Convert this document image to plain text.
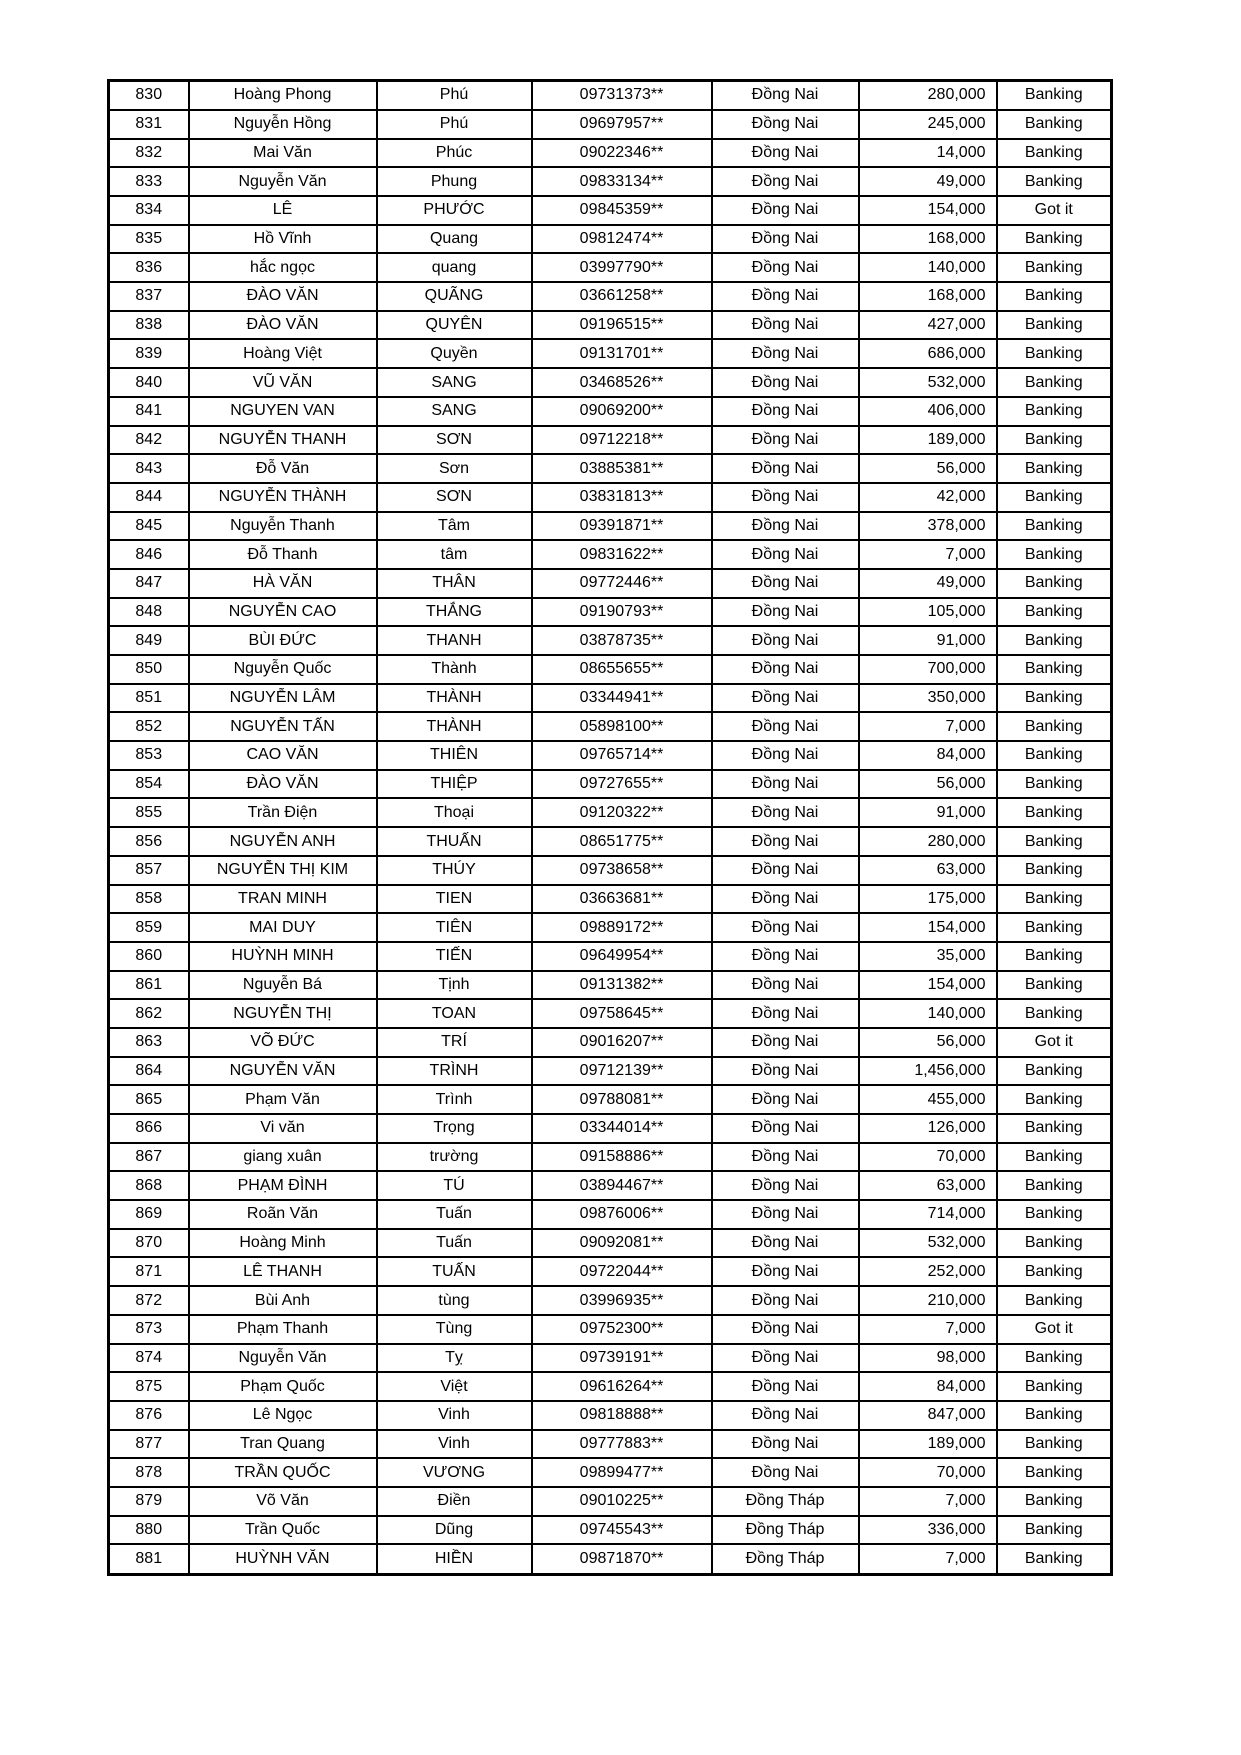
830	Hoàng Phong	Phú	09731373**	Đồng Nai	280,000	Banking
831	Nguyễn Hồng	Phú	09697957**	Đồng Nai	245,000	Banking
832	Mai Văn	Phúc	09022346**	Đồng Nai	14,000	Banking
833	Nguyễn Văn	Phung	09833134**	Đồng Nai	49,000	Banking
834	LÊ	PHƯỚC	09845359**	Đồng Nai	154,000	Got it
835	Hồ Vĩnh	Quang	09812474**	Đồng Nai	168,000	Banking
836	hắc ngọc	quang	03997790**	Đồng Nai	140,000	Banking
837	ĐÀO VĂN	QUÃNG	03661258**	Đồng Nai	168,000	Banking
838	ĐÀO VĂN	QUYÊN	09196515**	Đồng Nai	427,000	Banking
839	Hoàng Việt	Quyền	09131701**	Đồng Nai	686,000	Banking
840	VŨ VĂN	SANG	03468526**	Đồng Nai	532,000	Banking
841	NGUYEN VAN	SANG	09069200**	Đồng Nai	406,000	Banking
842	NGUYỄN THANH	SƠN	09712218**	Đồng Nai	189,000	Banking
843	Đỗ Văn	Sơn	03885381**	Đồng Nai	56,000	Banking
844	NGUYỄN THÀNH	SƠN	03831813**	Đồng Nai	42,000	Banking
845	Nguyễn Thanh	Tâm	09391871**	Đồng Nai	378,000	Banking
846	Đỗ Thanh	tâm	09831622**	Đồng Nai	7,000	Banking
847	HÀ VĂN	THÂN	09772446**	Đồng Nai	49,000	Banking
848	NGUYỄN CAO	THẮNG	09190793**	Đồng Nai	105,000	Banking
849	BÙI ĐỨC	THANH	03878735**	Đồng Nai	91,000	Banking
850	Nguyễn Quốc	Thành	08655655**	Đồng Nai	700,000	Banking
851	NGUYỄN LÂM	THÀNH	03344941**	Đồng Nai	350,000	Banking
852	NGUYỄN TẤN	THÀNH	05898100**	Đồng Nai	7,000	Banking
853	CAO VĂN	THIÊN	09765714**	Đồng Nai	84,000	Banking
854	ĐÀO VĂN	THIỆP	09727655**	Đồng Nai	56,000	Banking
855	Trần Điện	Thoại	09120322**	Đồng Nai	91,000	Banking
856	NGUYỄN ANH	THUẤN	08651775**	Đồng Nai	280,000	Banking
857	NGUYỄN THỊ KIM	THÚY	09738658**	Đồng Nai	63,000	Banking
858	TRAN MINH	TIEN	03663681**	Đồng Nai	175,000	Banking
859	MAI DUY	TIÊN	09889172**	Đồng Nai	154,000	Banking
860	HUỲNH MINH	TIẾN	09649954**	Đồng Nai	35,000	Banking
861	Nguyễn Bá	Tịnh	09131382**	Đồng Nai	154,000	Banking
862	NGUYỄN THỊ	TOAN	09758645**	Đồng Nai	140,000	Banking
863	VÕ ĐỨC	TRÍ	09016207**	Đồng Nai	56,000	Got it
864	NGUYỄN VĂN	TRÌNH	09712139**	Đồng Nai	1,456,000	Banking
865	Phạm Văn	Trình	09788081**	Đồng Nai	455,000	Banking
866	Vi văn	Trọng	03344014**	Đồng Nai	126,000	Banking
867	giang xuân	trường	09158886**	Đồng Nai	70,000	Banking
868	PHẠM ĐÌNH	TÚ	03894467**	Đồng Nai	63,000	Banking
869	Roãn Văn	Tuấn	09876006**	Đồng Nai	714,000	Banking
870	Hoàng Minh	Tuấn	09092081**	Đồng Nai	532,000	Banking
871	LÊ THANH	TUẤN	09722044**	Đồng Nai	252,000	Banking
872	Bùi Anh	tùng	03996935**	Đồng Nai	210,000	Banking
873	Phạm Thanh	Tùng	09752300**	Đồng Nai	7,000	Got it
874	Nguyễn Văn	Tỵ	09739191**	Đồng Nai	98,000	Banking
875	Phạm Quốc	Việt	09616264**	Đồng Nai	84,000	Banking
876	Lê Ngọc	Vinh	09818888**	Đồng Nai	847,000	Banking
877	Tran Quang	Vinh	09777883**	Đồng Nai	189,000	Banking
878	TRẦN QUỐC	VƯƠNG	09899477**	Đồng Nai	70,000	Banking
879	Võ Văn	Điền	09010225**	Đồng Tháp	7,000	Banking
880	Trần Quốc	Dũng	09745543**	Đồng Tháp	336,000	Banking
881	HUỲNH VĂN	HIỀN	09871870**	Đồng Tháp	7,000	Banking
